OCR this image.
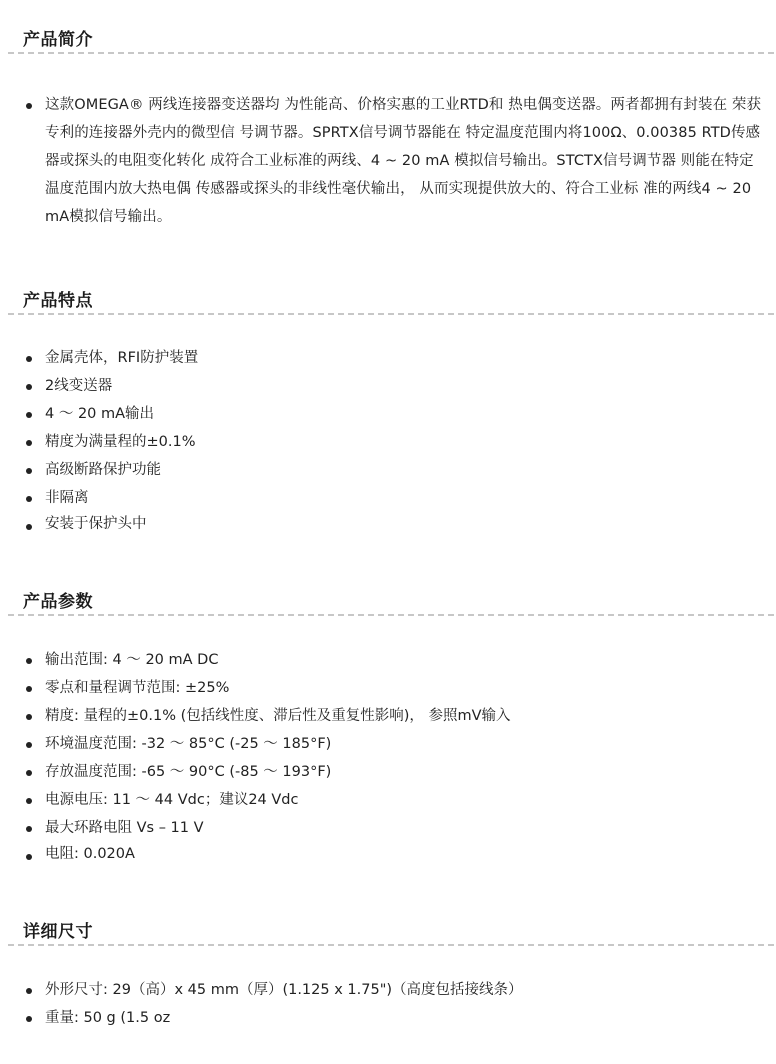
产品简介
这款OMEGA® 两线连接器变送器均 为性能高、价格实惠的工业RTD和 热电偶变送器。两者都拥有封装在 荣获专利的连接器外壳内的微型信 号调节器。SPRTX信号调节器能在 特定温度范围内将100Ω、0.00385 RTD传感器或探头的电阻变化转化 成符合工业标准的两线、4 ~ 20 mA 模拟信号输出。STCTX信号调节器 则能在特定温度范围内放大热电偶 传感器或探头的非线性毫伏输出， 从而实现提供放大的、符合工业标 准的两线4 ~ 20 mA模拟信号输出。
产品特点
金属壳体，RFI防护装置
2线变送器
4 ～ 20 mA输出
精度为满量程的±0.1%
高级断路保护功能
非隔离
安装于保护头中
产品参数
输出范围: 4 ～ 20 mA DC
零点和量程调节范围: ±25%
精度: 量程的±0.1% (包括线性度、滞后性及重复性影响)， 参照mV输入
环境温度范围: -32 ～ 85°C (-25 ～ 185°F)
存放温度范围: -65 ～ 90°C (-85 ～ 193°F)
电源电压: 11 ～ 44 Vdc；建议24 Vdc
最大环路电阻 Vs – 11 V
电阻: 0.020A
详细尺寸
外形尺寸: 29（高）x 45 mm（厚）(1.125 x 1.75")（高度包括接线条）
重量: 50 g (1.5 oz
